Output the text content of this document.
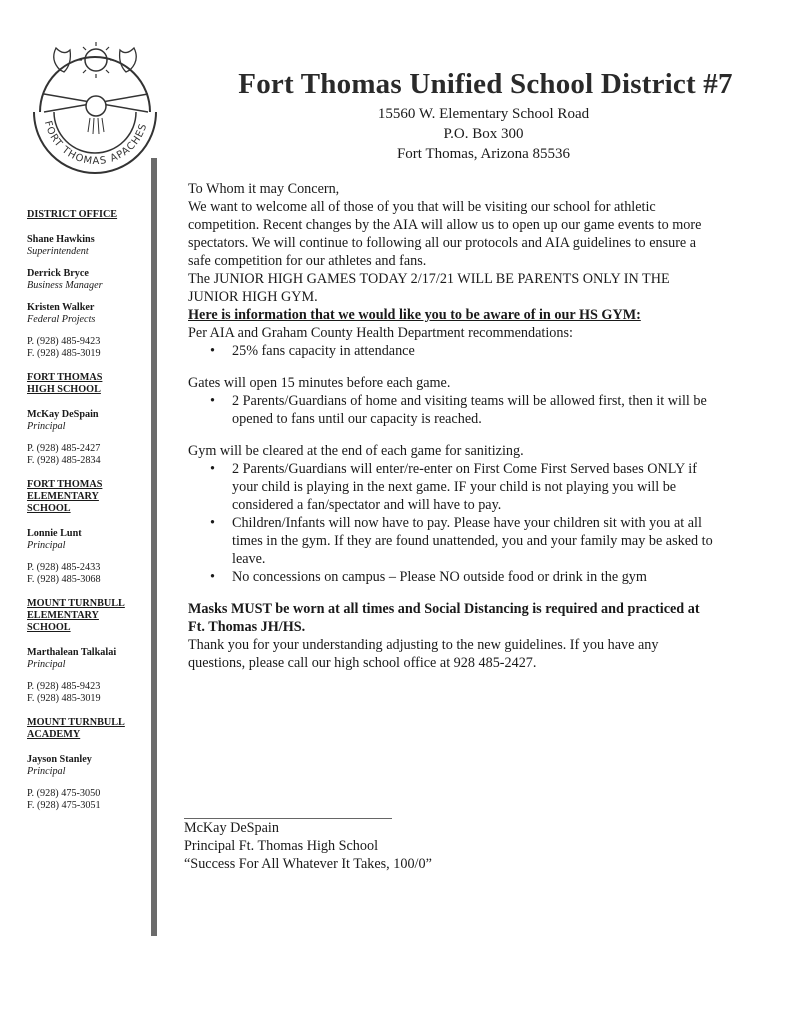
FORT THOMAS APACHES
Fort Thomas Unified School District #7
15560 W. Elementary School Road
P.O. Box 300
Fort Thomas, Arizona 85536
DISTRICT OFFICE
Shane Hawkins
Superintendent
Derrick Bryce
Business Manager
Kristen Walker
Federal Projects
P. (928) 485-9423
F. (928) 485-3019
FORT THOMAS
HIGH SCHOOL
McKay DeSpain
Principal
P. (928) 485-2427
F. (928) 485-2834
FORT THOMAS
ELEMENTARY
SCHOOL
Lonnie Lunt
Principal
P. (928) 485-2433
F. (928) 485-3068
MOUNT TURNBULL
ELEMENTARY
SCHOOL
Marthalean Talkalai
Principal
P. (928) 485-9423
F. (928) 485-3019
MOUNT TURNBULL
ACADEMY
Jayson Stanley
Principal
P. (928) 475-3050
F. (928) 475-3051

To Whom it may Concern,

We want to welcome all of those of you that will be visiting our school for athletic competition. Recent changes by the AIA will allow us to open up our game events to more spectators. We will continue to following all our protocols and AIA guidelines to ensure a safe competition for our athletes and fans.

The JUNIOR HIGH GAMES TODAY 2/17/21 WILL BE PARENTS ONLY IN THE JUNIOR HIGH GYM.

Here is information that we would like you to be aware of in our HS GYM:

Per AIA and Graham County Health Department recommendations:

• 25% fans capacity in attendance

Gates will open 15 minutes before each game.

• 2 Parents/Guardians of home and visiting teams will be allowed first, then it will be opened to fans until our capacity is reached.

Gym will be cleared at the end of each game for sanitizing.

• 2 Parents/Guardians will enter/re-enter on First Come First Served bases ONLY if your child is playing in the next game. IF your child is not playing you will be considered a fan/spectator and will have to pay.
• Children/Infants will now have to pay. Please have your children sit with you at all times in the gym. If they are found unattended, you and your family may be asked to leave.
• No concessions on campus – Please NO outside food or drink in the gym

Masks MUST be worn at all times and Social Distancing is required and practiced at Ft. Thomas JH/HS.

Thank you for your understanding adjusting to the new guidelines. If you have any questions, please call our high school office at 928 485-2427.

McKay DeSpain
Principal Ft. Thomas High School
“Success For All Whatever It Takes, 100/0”
